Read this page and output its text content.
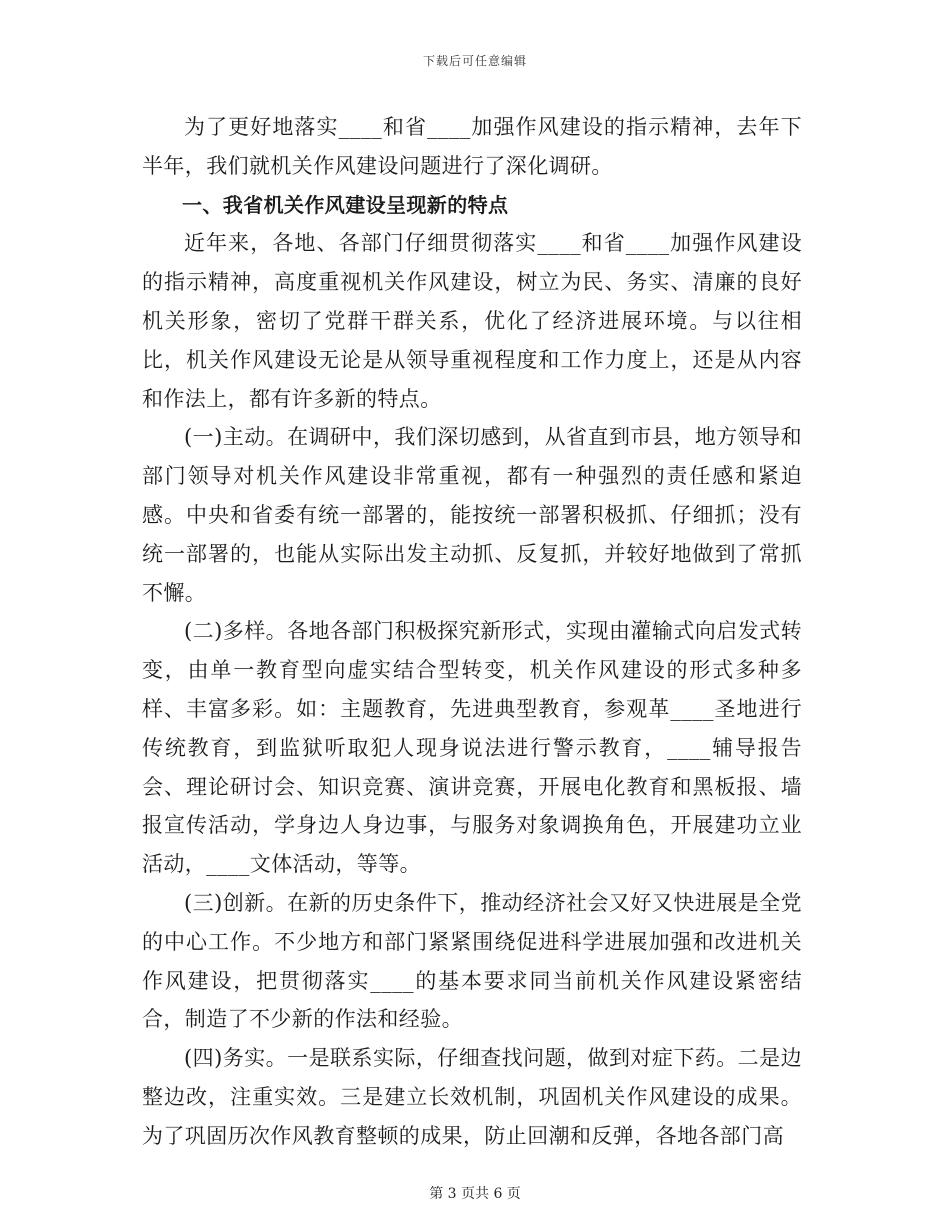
下载后可任意编辑

为了更好地落实____和省____加强作风建设的指示精神，去年下半年，我们就机关作风建设问题进行了深化调研。

一、我省机关作风建设呈现新的特点

近年来，各地、各部门仔细贯彻落实____和省____加强作风建设的指示精神，高度重视机关作风建设，树立为民、务实、清廉的良好机关形象，密切了党群干群关系，优化了经济进展环境。与以往相比，机关作风建设无论是从领导重视程度和工作力度上，还是从内容和作法上，都有许多新的特点。

(一)主动。在调研中，我们深切感到，从省直到市县，地方领导和部门领导对机关作风建设非常重视，都有一种强烈的责任感和紧迫感。中央和省委有统一部署的，能按统一部署积极抓、仔细抓；没有统一部署的，也能从实际出发主动抓、反复抓，并较好地做到了常抓不懈。

(二)多样。各地各部门积极探究新形式，实现由灌输式向启发式转变，由单一教育型向虚实结合型转变，机关作风建设的形式多种多样、丰富多彩。如：主题教育，先进典型教育，参观革____圣地进行传统教育，到监狱听取犯人现身说法进行警示教育，____辅导报告会、理论研讨会、知识竞赛、演讲竞赛，开展电化教育和黑板报、墙报宣传活动，学身边人身边事，与服务对象调换角色，开展建功立业活动，____文体活动，等等。

(三)创新。在新的历史条件下，推动经济社会又好又快进展是全党的中心工作。不少地方和部门紧紧围绕促进科学进展加强和改进机关作风建设，把贯彻落实____的基本要求同当前机关作风建设紧密结合，制造了不少新的作法和经验。

(四)务实。一是联系实际，仔细查找问题，做到对症下药。二是边整边改，注重实效。三是建立长效机制，巩固机关作风建设的成果。为了巩固历次作风教育整顿的成果，防止回潮和反弹，各地各部门高

第 3 页共 6 页
